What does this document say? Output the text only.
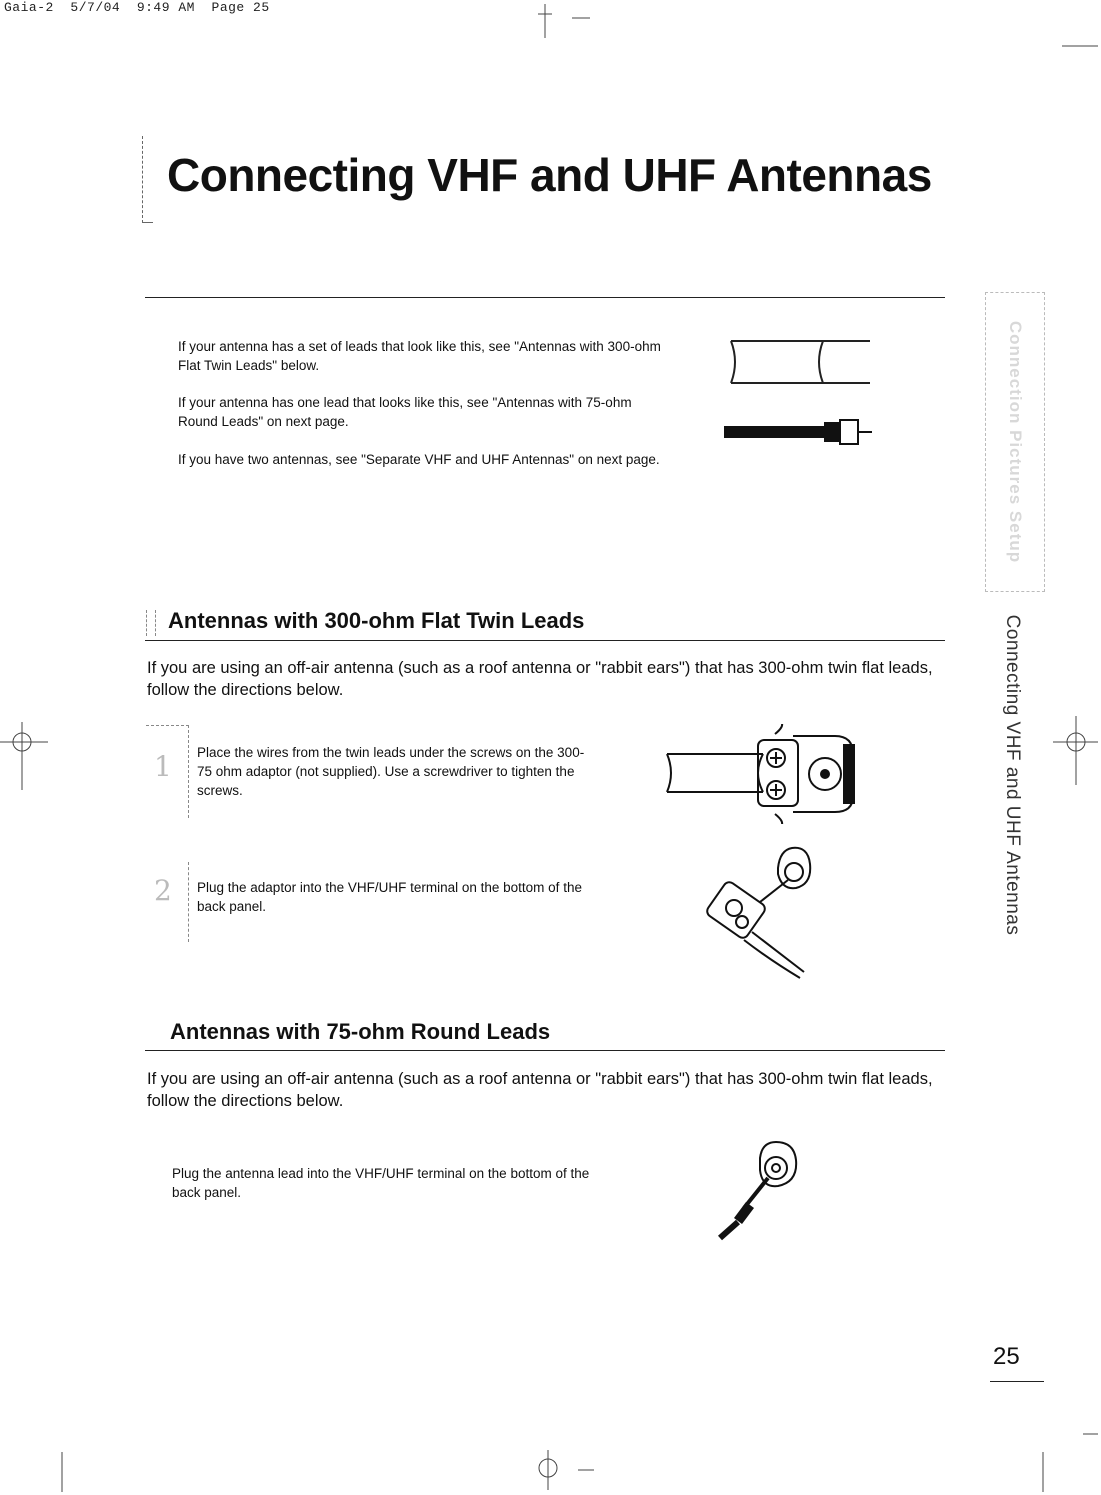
Gaia-2  5/7/04  9:49 AM  Page 25
Connecting VHF and UHF Antennas
If your antenna has a set of leads that look like this, see "Antennas with 300-ohm Flat Twin Leads" below.
If your antenna has one lead that looks like this, see "Antennas with 75-ohm Round Leads" on next page.
If you have two antennas, see "Separate VHF and UHF Antennas" on next page.	Connection Pictures Setup
Connecting VHF and UHF Antennas
Antennas with 300-ohm Flat Twin Leads
If you are using an off-air antenna (such as a roof antenna or "rabbit ears") that has 300-ohm twin flat leads, follow the directions below.
1 Place the wires from the twin leads under the screws on the 300-75 ohm adaptor (not supplied). Use a screwdriver to tighten the screws.
2 Plug the adaptor into the VHF/UHF terminal on the bottom of the back panel.
Antennas with 75-ohm Round Leads
If you are using an off-air antenna (such as a roof antenna or "rabbit ears") that has 300-ohm twin flat leads, follow the directions below.
Plug the antenna lead into the VHF/UHF terminal on the bottom of the back panel.
25
